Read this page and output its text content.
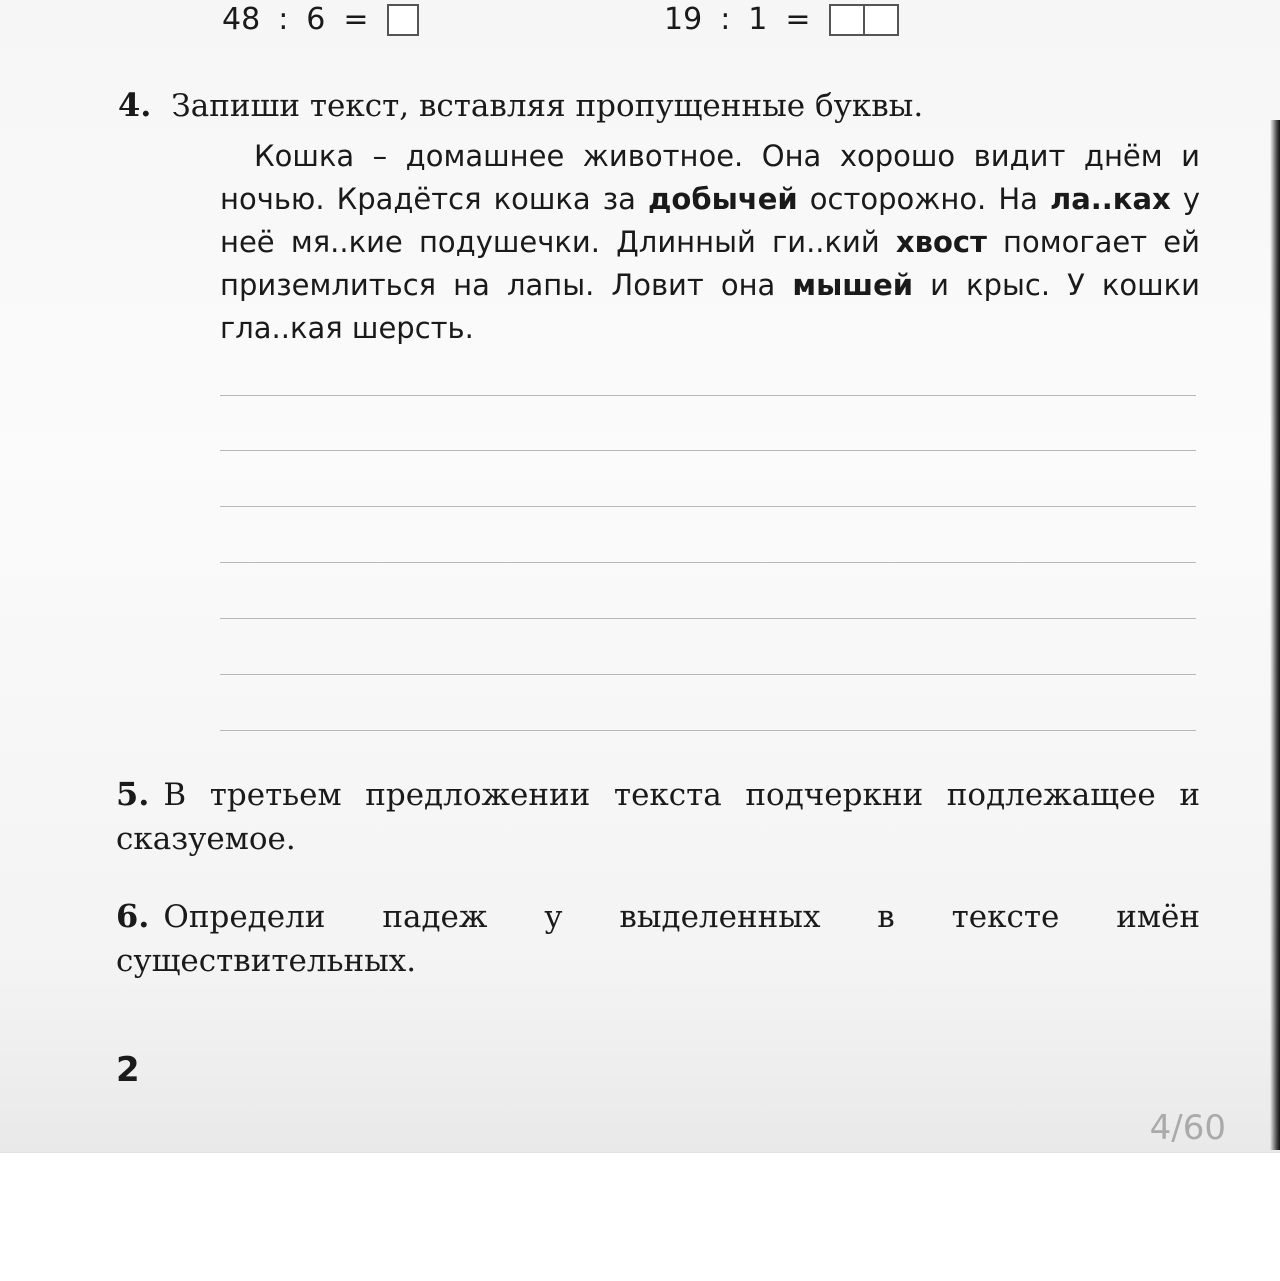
48 : 6 =	19 : 1 =
4. Запиши текст, вставляя пропущенные буквы.
Кошка – домашнее животное. Она хорошо видит днём и ночью. Крадётся кошка за добычей осторожно. На ла..ках у неё мя..кие подушечки. Длинный ги..кий хвост помогает ей приземлиться на лапы. Ловит она мышей и крыс. У кошки гла..кая шерсть.
5. В третьем предложении текста подчеркни подлежащее и сказуемое.
6. Определи падеж у выделенных в тексте имён существительных.
2
4/60
